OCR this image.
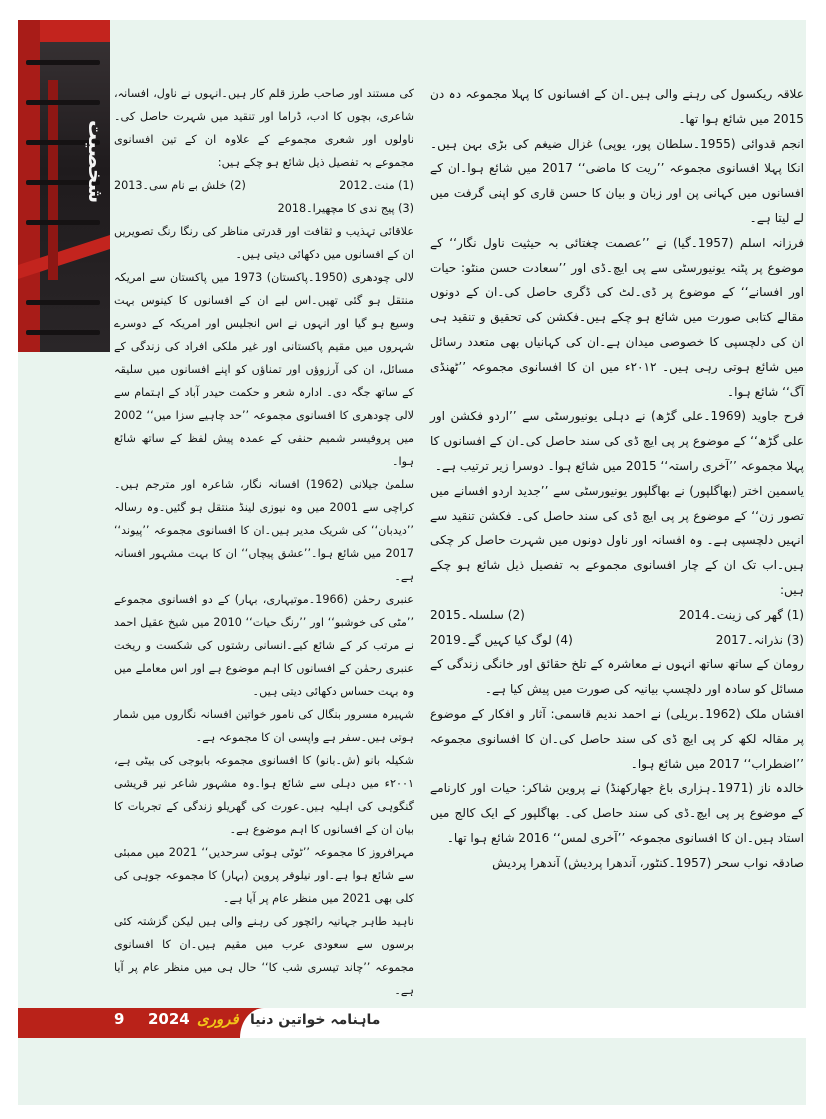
شخصیت

علاقہ ریکسول کی رہنے والی ہیں۔ان کے افسانوں کا پہلا مجموعہ دہ دن 2015 میں شائع ہوا تھا۔

انجم قدوائی (1955۔سلطان پور، یوپی) غزال ضیغم کی بڑی بہن ہیں۔ انکا پہلا افسانوی مجموعہ ’’ریت کا ماضی‘‘ 2017 میں شائع ہوا۔ان کے افسانوں میں کہانی پن اور زبان و بیان کا حسن قاری کو اپنی گرفت میں لے لیتا ہے۔

فرزانہ اسلم (1957۔گیا) نے ’’عصمت چغتائی بہ حیثیت ناول نگار‘‘ کے موضوع پر پٹنہ یونیورسٹی سے پی ایچ۔ڈی اور ’’سعادت حسن منٹو: حیات اور افسانے‘‘ کے موضوع پر ڈی۔لٹ کی ڈگری حاصل کی۔ان کے دونوں مقالے کتابی صورت میں شائع ہو چکے ہیں۔فکشن کی تحقیق و تنقید ہی ان کی دلچسپی کا خصوصی میدان ہے۔ان کی کہانیاں بھی متعدد رسائل میں شائع ہوتی رہی ہیں۔ ۲۰۱۲ء میں ان کا افسانوی مجموعہ ’’ٹھنڈی آگ‘‘ شائع ہوا۔

فرح جاوید (1969۔علی گڑھ) نے دہلی یونیورسٹی سے ’’اردو فکشن اور علی گڑھ‘‘ کے موضوع پر پی ایچ ڈی کی سند حاصل کی۔ان کے افسانوں کا پہلا مجموعہ ’’آخری راستہ‘‘ 2015 میں شائع ہوا۔ دوسرا زیر ترتیب ہے۔

یاسمین اختر (بھاگلپور) نے بھاگلپور یونیورسٹی سے ’’جدید اردو افسانے میں تصور زن‘‘ کے موضوع پر پی ایچ ڈی کی سند حاصل کی۔ فکشن تنقید سے انہیں دلچسپی ہے۔ وہ افسانہ اور ناول دونوں میں شہرت حاصل کر چکی ہیں۔اب تک ان کے چار افسانوی مجموعے بہ تفصیل ذیل شائع ہو چکے ہیں:

(1) گھر کی زینت۔2014
(2) سلسلہ۔2015
(3) نذرانہ۔2017
(4) لوگ کیا کہیں گے۔2019

رومان کے ساتھ ساتھ انہوں نے معاشرہ کے تلخ حقائق اور خانگی زندگی کے مسائل کو سادہ اور دلچسپ بیانیہ کی صورت میں پیش کیا ہے۔

افشاں ملک (1962۔بریلی) نے احمد ندیم قاسمی: آثار و افکار کے موضوع پر مقالہ لکھ کر پی ایچ ڈی کی سند حاصل کی۔ان کا افسانوی مجموعہ ’’اضطراب‘‘ 2017 میں شائع ہوا۔

خالدہ ناز (1971۔ہزاری باغ جھارکھنڈ) نے پروین شاکر: حیات اور کارنامے کے موضوع پر پی ایچ۔ڈی کی سند حاصل کی۔ بھاگلپور کے ایک کالج میں استاد ہیں۔ان کا افسانوی مجموعہ ’’آخری لمس‘‘ 2016 شائع ہوا تھا۔

صادقہ نواب سحر (1957۔کنٹور، آندھرا پردیش) آندھرا پردیش

کی مستند اور صاحب طرز قلم کار ہیں۔انہوں نے ناول، افسانہ، شاعری، بچوں کا ادب، ڈراما اور تنقید میں شہرت حاصل کی۔ ناولوں اور شعری مجموعے کے علاوہ ان کے تین افسانوی مجموعے بہ تفصیل ذیل شائع ہو چکے ہیں:

(1) منت۔2012
(2) خلش بے نام سی۔2013
(3) پیج ندی کا مچھیرا۔2018

علاقائی تہذیب و ثقافت اور قدرتی مناظر کی رنگا رنگ تصویریں ان کے افسانوں میں دکھائی دیتی ہیں۔

لالی چودھری (1950۔پاکستان) 1973 میں پاکستان سے امریکہ منتقل ہو گئی تھیں۔اس لیے ان کے افسانوں کا کینوس بہت وسیع ہو گیا اور انہوں نے اس انجلیس اور امریکہ کے دوسرے شہروں میں مقیم پاکستانی اور غیر ملکی افراد کی زندگی کے مسائل، ان کی آرزوؤں اور تمناؤں کو اپنے افسانوں میں سلیقہ کے ساتھ جگہ دی۔ ادارہ شعر و حکمت حیدر آباد کے اہتمام سے لالی چودھری کا افسانوی مجموعہ ’’حد چاہیے سزا میں‘‘ 2002 میں پروفیسر شمیم حنفی کے عمدہ پیش لفظ کے ساتھ شائع ہوا۔

سلمیٰ جیلانی (1962) افسانہ نگار، شاعرہ اور مترجم ہیں۔کراچی سے 2001 میں وہ نیوزی لینڈ منتقل ہو گئیں۔وہ رسالہ ’’دیدبان‘‘ کی شریک مدیر ہیں۔ان کا افسانوی مجموعہ ’’پیوند‘‘ 2017 میں شائع ہوا۔’’عشق پیچاں‘‘ ان کا بہت مشہور افسانہ ہے۔

عنبری رحمٰن (1966۔موتیہاری، بہار) کے دو افسانوی مجموعے ’’مٹی کی خوشبو‘‘ اور ’’رنگ حیات‘‘ 2010 میں شیخ عقیل احمد نے مرتب کر کے شائع کیے۔انسانی رشتوں کی شکست و ریخت عنبری رحمٰن کے افسانوں کا اہم موضوع ہے اور اس معاملے میں وہ بہت حساس دکھائی دیتی ہیں۔

شہیرہ مسرور بنگال کی نامور خواتین افسانہ نگاروں میں شمار ہوتی ہیں۔سفر ہے واپسی ان کا مجموعہ ہے۔

شکیلہ بانو (ش۔بانو) کا افسانوی مجموعہ بابوجی کی بیٹی ہے، ۲۰۰۱ء میں دہلی سے شائع ہوا۔وہ مشہور شاعر نیر قریشی گنگوہی کی اہلیہ ہیں۔عورت کی گھریلو زندگی کے تجربات کا بیان ان کے افسانوں کا اہم موضوع ہے۔

مہرافروز کا مجموعہ ’’ٹوٹی ہوئی سرحدیں‘‘ 2021 میں ممبئی سے شائع ہوا ہے۔اور نیلوفر پروین (بہار) کا مجموعہ جوہی کی کلی بھی 2021 میں منظر عام پر آیا ہے۔

ناہید طاہر جہانیہ رائچور کی رہنے والی ہیں لیکن گزشتہ کئی برسوں سے سعودی عرب میں مقیم ہیں۔ان کا افسانوی مجموعہ ’’چاند تیسری شب کا‘‘ حال ہی میں منظر عام پر آیا ہے۔

ماہنامہ خواتین دنیا
فروری
2024
9
